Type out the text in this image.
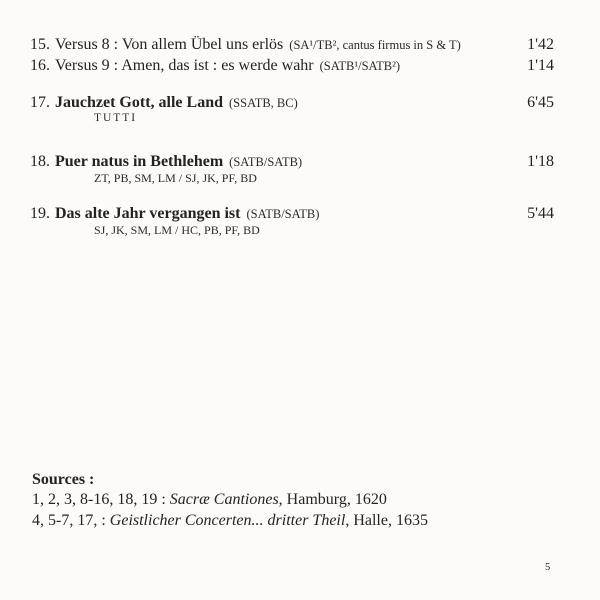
15. Versus 8 : Von allem Übel uns erlös (SA¹/TB², cantus firmus in S & T)	1'42
16. Versus 9 : Amen, das ist : es werde wahr (SATB¹/SATB²)	1'14
17. Jauchzet Gott, alle Land (SSATB, BC)	6'45
TUTTI
18. Puer natus in Bethlehem (SATB/SATB)	1'18
ZT, PB, SM, LM / SJ, JK, PF, BD
19. Das alte Jahr vergangen ist (SATB/SATB)	5'44
SJ, JK, SM, LM / HC, PB, PF, BD
Sources :
1, 2, 3, 8-16, 18, 19 : Sacræ Cantiones, Hamburg, 1620
4, 5-7, 17, : Geistlicher Concerten... dritter Theil, Halle, 1635
5
